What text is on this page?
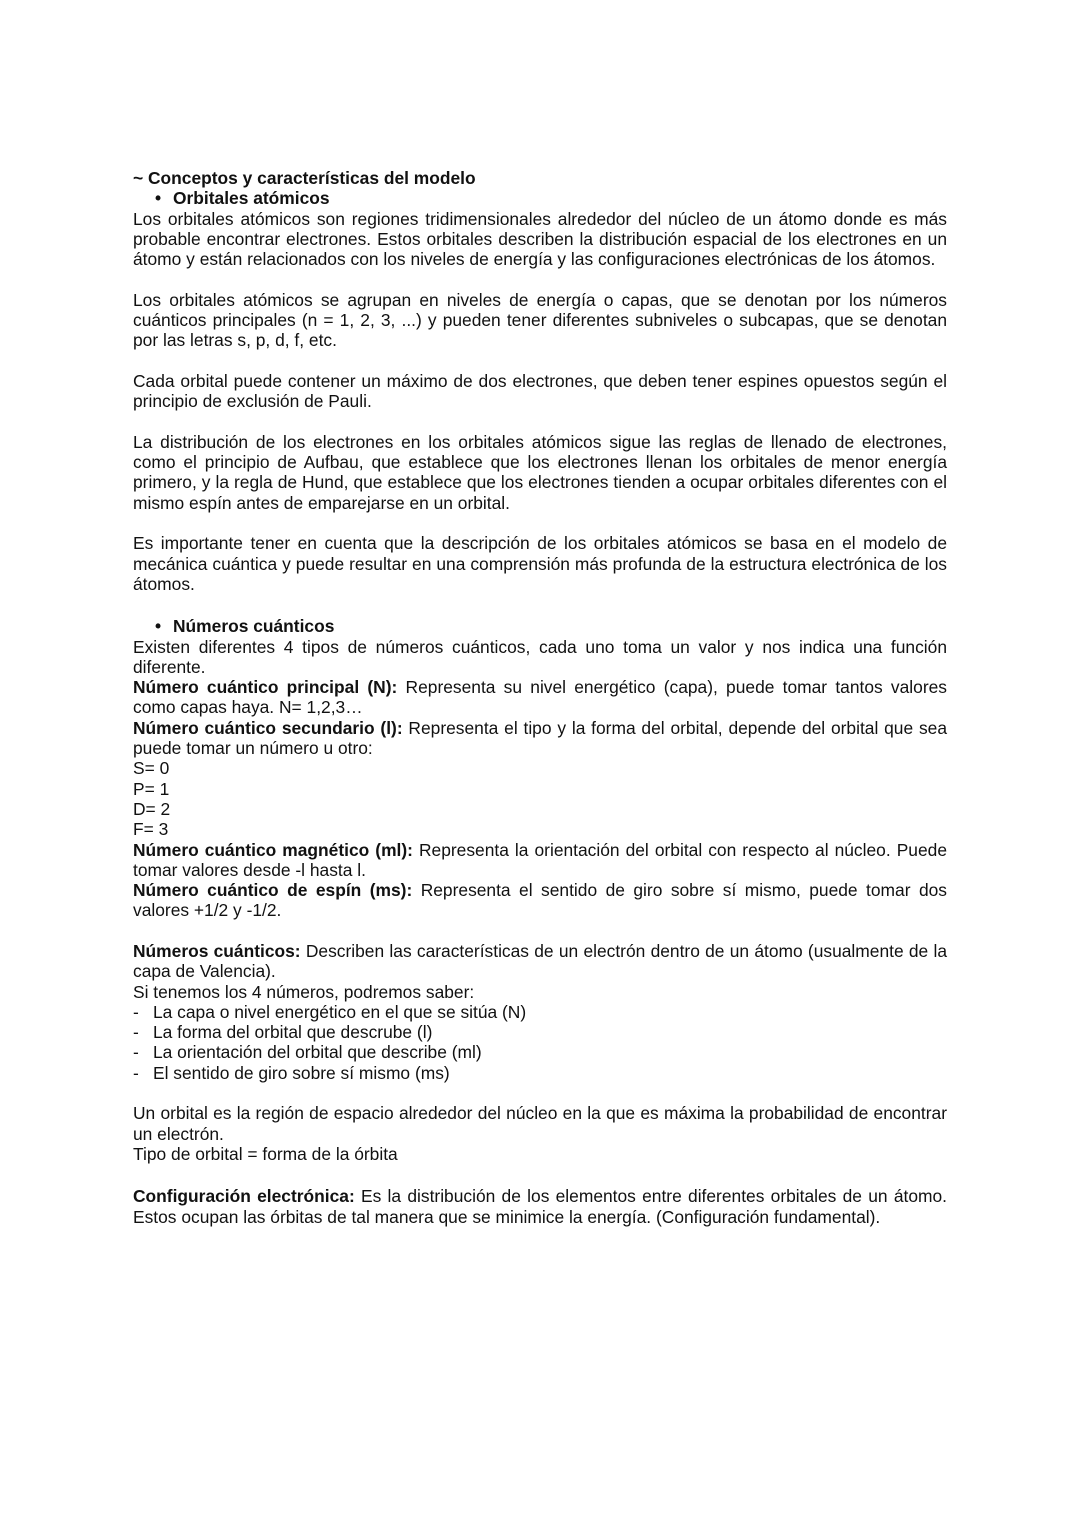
~ Conceptos y características del modelo

• Orbitales atómicos

Los orbitales atómicos son regiones tridimensionales alrededor del núcleo de un átomo donde es más probable encontrar electrones. Estos orbitales describen la distribución espacial de los electrones en un átomo y están relacionados con los niveles de energía y las configuraciones electrónicas de los átomos.

Los orbitales atómicos se agrupan en niveles de energía o capas, que se denotan por los números cuánticos principales (n = 1, 2, 3, ...) y pueden tener diferentes subniveles o subcapas, que se denotan por las letras s, p, d, f, etc.

Cada orbital puede contener un máximo de dos electrones, que deben tener espines opuestos según el principio de exclusión de Pauli.

La distribución de los electrones en los orbitales atómicos sigue las reglas de llenado de electrones, como el principio de Aufbau, que establece que los electrones llenan los orbitales de menor energía primero, y la regla de Hund, que establece que los electrones tienden a ocupar orbitales diferentes con el mismo espín antes de emparejarse en un orbital.

Es importante tener en cuenta que la descripción de los orbitales atómicos se basa en el modelo de mecánica cuántica y puede resultar en una comprensión más profunda de la estructura electrónica de los átomos.

• Números cuánticos

Existen diferentes 4 tipos de números cuánticos, cada uno toma un valor y nos indica una función diferente.

Número cuántico principal (N): Representa su nivel energético (capa), puede tomar tantos valores como capas haya. N= 1,2,3…

Número cuántico secundario (l): Representa el tipo y la forma del orbital, depende del orbital que sea puede tomar un número u otro:

S= 0

P= 1

D= 2

F= 3

Número cuántico magnético (ml): Representa la orientación del orbital con respecto al núcleo. Puede tomar valores desde -l hasta l.

Número cuántico de espín (ms): Representa el sentido de giro sobre sí mismo, puede tomar dos valores +1/2 y -1/2.

Números cuánticos: Describen las características de un electrón dentro de un átomo (usualmente de la capa de Valencia).

Si tenemos los 4 números, podremos saber:

- La capa o nivel energético en el que se sitúa (N)
- La forma del orbital que descrube (l)
- La orientación del orbital que describe (ml)
- El sentido de giro sobre sí mismo (ms)

Un orbital es la región de espacio alrededor del núcleo en la que es máxima la probabilidad de encontrar un electrón.

Tipo de orbital = forma de la órbita

Configuración electrónica: Es la distribución de los elementos entre diferentes orbitales de un átomo. Estos ocupan las órbitas de tal manera que se minimice la energía. (Configuración fundamental).
